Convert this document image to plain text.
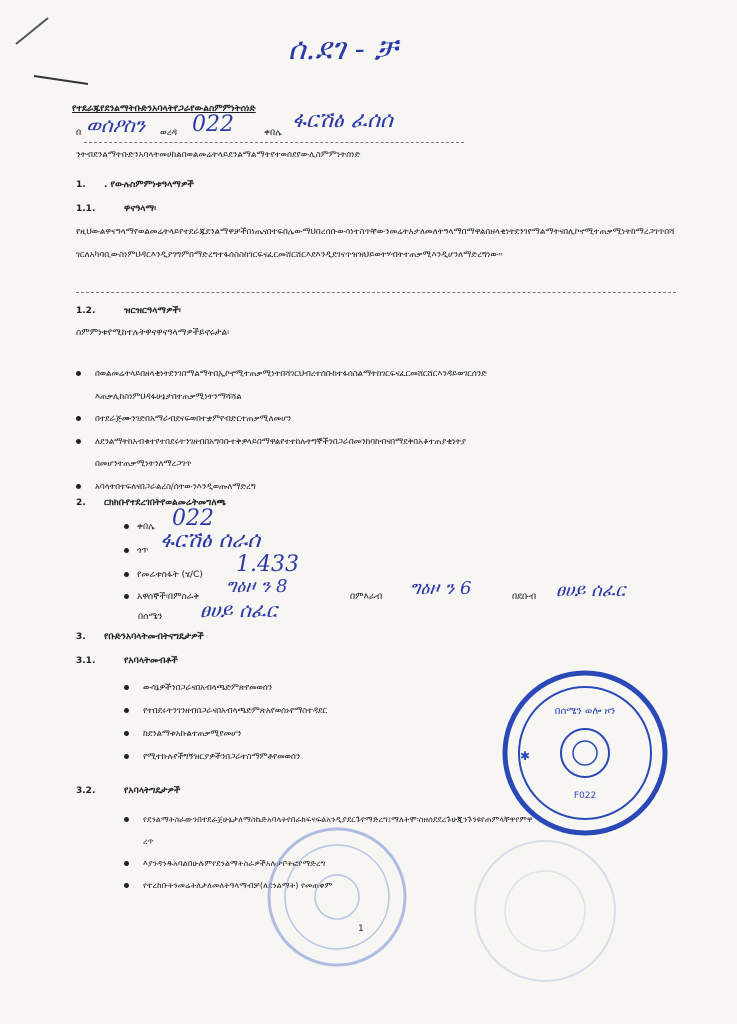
ሰ.ደገ - ቻ
የተደራጁየደንልማትቡድንአባላትየጋራየውልስምምነትሰነድ
በ ወሰዖስን ወረዳ 022	ቀበሌ ፋርሽፅ ፈሰሰ
ንትብደንልማትቡድንአባላትመሀከልበወልመሬትላይደንልማልማትየተወሰደየውሊስምምነትሰነድ
1. . የውሉስምምነቱዓላማዎች
1.1.	ዋናዓላማ፡
የዚህውልዋናዓላማየወልመሬትላይየተደራጁደንልማዋቻችበነጤናበተፍበሌውማህበረሰቡውሳነተስጥቸውንመሬትአታለመለትዓላማበማዋልበዘላቂነትደንገየማልማትናበሊኮኖሚተጠቃሚነትከማረጋገጥበሻገርለአካባቢውስነምህዳርእንዲያገግምበማድረግተፋሰስስከገርፍናፈርመሸርሸርእደእንዲደገናጥዝዝህይወትሃብትተጠቃሚእንዲሆንለማድረግነው።
1.2.	ዝርዝርዓላማዎች፡
ስምምነቱየሚከተሉትዋናዋናዓላማዎችይኖሩታል፡
በወልመሬትላይበዘላቂነትደንገበማልማትበኢኮኖሚተጠቃሚነትበሻገርህብረተሰቡከተፋሰስልማትከገርፍናፈርመሸርሸርእንዳይወገርሰንድ
እጠቃሊከስነምህዳፋሁኔታበተጠቃሚነትንማሻሻል
በተደራጅሙንገድበአማራብደናፍወበተቋምየብድርተጠቃሚለመሆን
ለደንልማትከአብቁተየተበደሩትንገዘብበአግባቡተቅዎላይበማዋልየተተከሉትግኞችንበጋራበመንከባከብናበማደቅበአቆተጠያቂነትያ
በመሆንተጠቃሚነትንለማረጋገጥ
አባላትበተፍለናበጋራልረስ/ሰትውንእንዲወጡለማድረግ
2. ርክክቡየተደረገበትየወልመሬትመግለጫ
ቀበሌ 022
ጎጥ ፋርሽፅ ሰራሰ
የመሬቱስፋት (ሄ/C) 1.433
አዋሰኞች፡በምስራቅ ግዕዞ ን 8	በምእራብ ግዕዞ ን 6	በደቡብ ፀሀይ ሰፈር
በሰሜን ፀሀይ ሰፈር
3. የቡድንአባላትመብትናግዴታዎች
3.1.	የአባላትመብቶች
ውሳኔዎችንበጋራናበአብላጫድምጽየመወሰን
የተበደሩትንገንዘብበጋራናበአብላጫድምጽአየወሰኑየማስተዳደር
ከደንልማቱአኩልተጠቃሚየመሆን
የሚተኩሉየችግኝዝርያዎችንበጋራተስማምቶየመወሰን
3.2.	የአባላትግዴታዎች
የደንልማትስራውንበተደራጀሁኔታለማስኬድአባላትየበራከፍናፍልአንዲያደርጉየማድረግ፤ማለትሞ፡ስዘሰደደረጉሁጂንጉንዩየጠምላቸዋየምዋ
ረጥ
እያንዳንዱአባልበሁሉምየደንልማትስራዎችአሉታቦትፎየማድረግ
የተረከቡትንመሬትለታለመለትዓላማብቻ(ለደንልማት) የመጠቀም
F022
በሰሜን ወሎ ዞን
✱
1
